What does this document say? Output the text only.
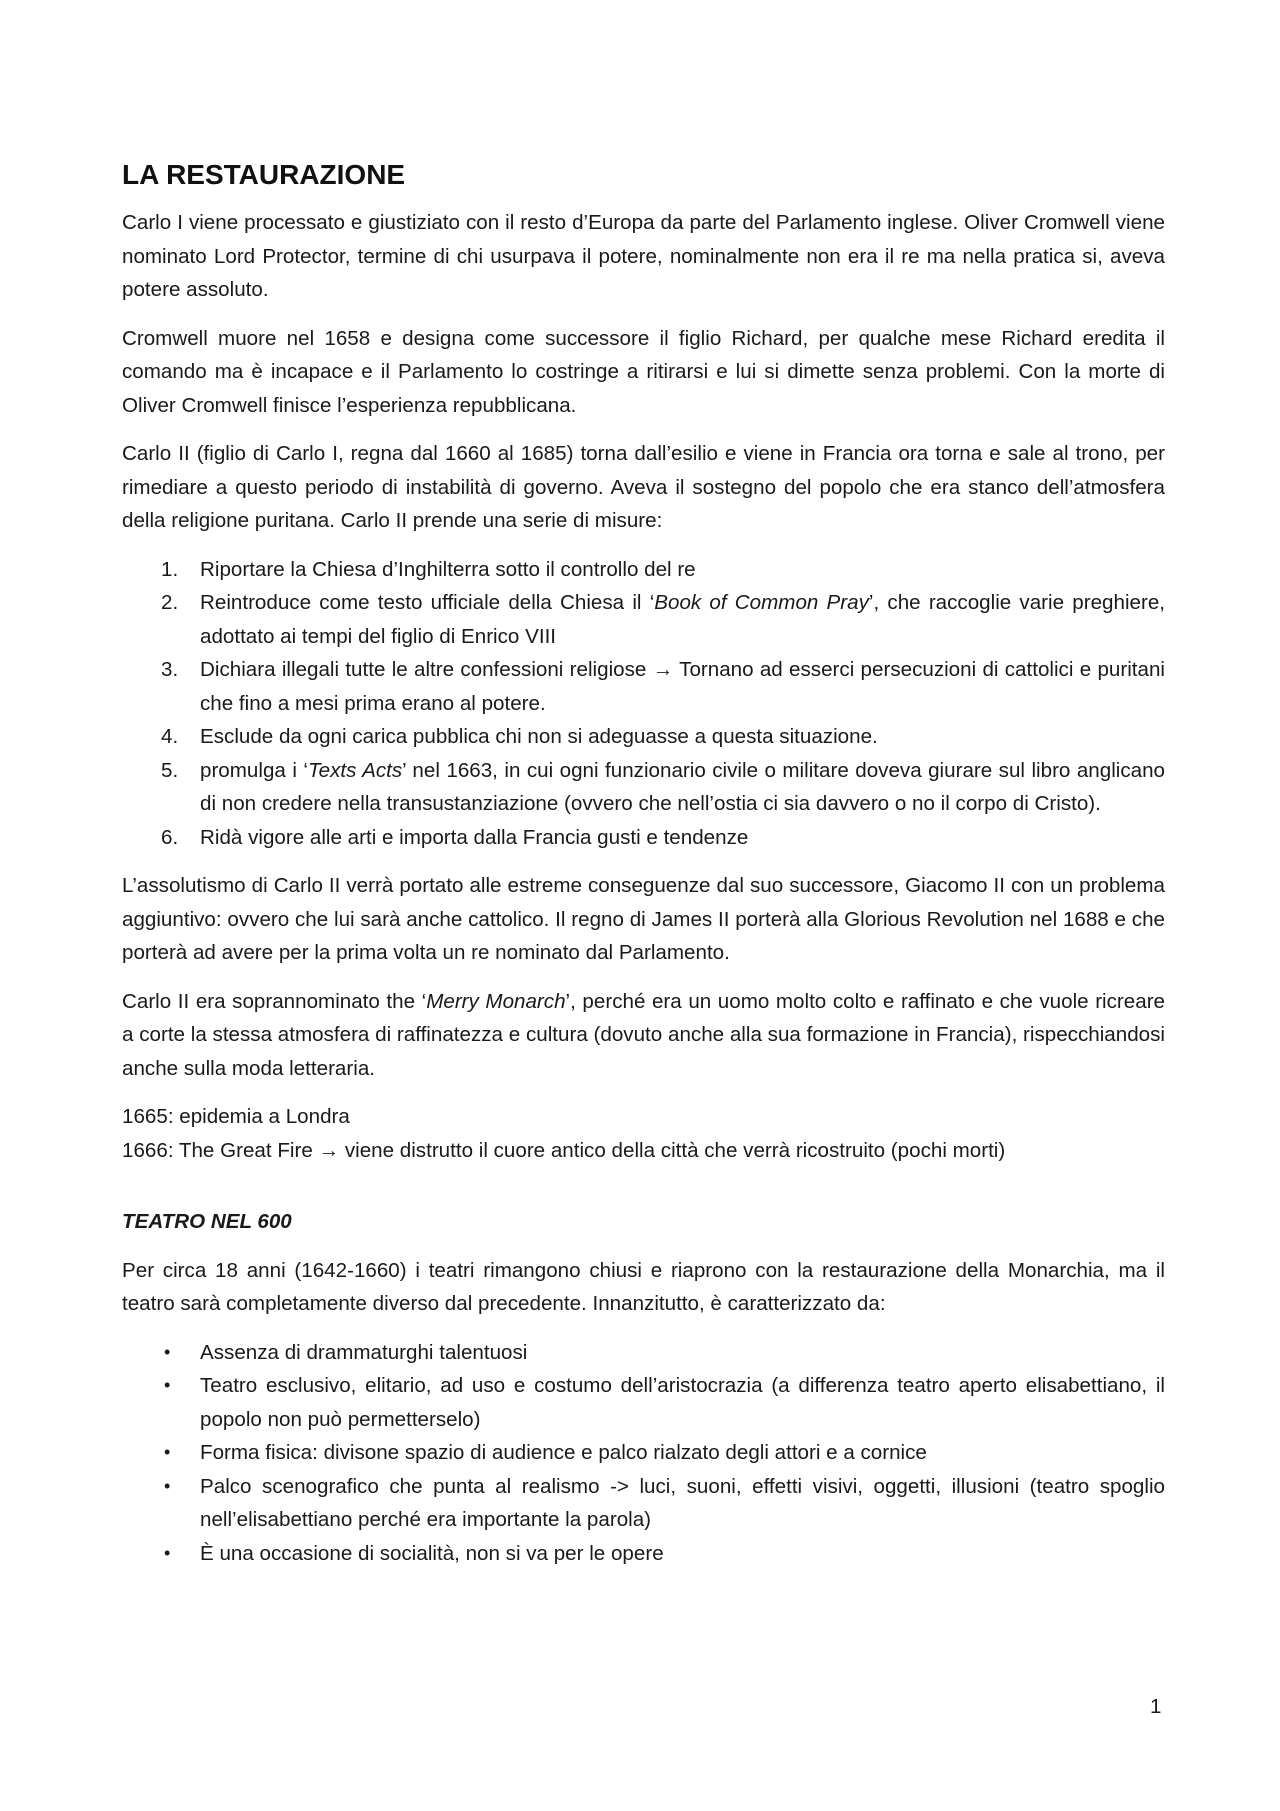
LA RESTAURAZIONE

Carlo I viene processato e giustiziato con il resto d’Europa da parte del Parlamento inglese. Oliver Cromwell viene nominato Lord Protector, termine di chi usurpava il potere, nominalmente non era il re ma nella pratica si, aveva potere assoluto.

Cromwell muore nel 1658 e designa come successore il figlio Richard, per qualche mese Richard eredita il comando ma è incapace e il Parlamento lo costringe a ritirarsi e lui si dimette senza problemi. Con la morte di Oliver Cromwell finisce l’esperienza repubblicana.

Carlo II (figlio di Carlo I, regna dal 1660 al 1685) torna dall’esilio e viene in Francia ora torna e sale al trono, per rimediare a questo periodo di instabilità di governo. Aveva il sostegno del popolo che era stanco dell’atmosfera della religione puritana. Carlo II prende una serie di misure:

1. Riportare la Chiesa d’Inghilterra sotto il controllo del re
2. Reintroduce come testo ufficiale della Chiesa il ‘Book of Common Pray’, che raccoglie varie preghiere, adottato ai tempi del figlio di Enrico VIII
3. Dichiara illegali tutte le altre confessioni religiose → Tornano ad esserci persecuzioni di cattolici e puritani che fino a mesi prima erano al potere.
4. Esclude da ogni carica pubblica chi non si adeguasse a questa situazione.
5. promulga i ‘Texts Acts’ nel 1663, in cui ogni funzionario civile o militare doveva giurare sul libro anglicano di non credere nella transustanziazione (ovvero che nell’ostia ci sia davvero o no il corpo di Cristo).
6. Ridà vigore alle arti e importa dalla Francia gusti e tendenze

L’assolutismo di Carlo II verrà portato alle estreme conseguenze dal suo successore, Giacomo II con un problema aggiuntivo: ovvero che lui sarà anche cattolico. Il regno di James II porterà alla Glorious Revolution nel 1688 e che porterà ad avere per la prima volta un re nominato dal Parlamento.

Carlo II era soprannominato the ‘Merry Monarch’, perché era un uomo molto colto e raffinato e che vuole ricreare a corte la stessa atmosfera di raffinatezza e cultura (dovuto anche alla sua formazione in Francia), rispecchiandosi anche sulla moda letteraria.

1665: epidemia a Londra
1666: The Great Fire → viene distrutto il cuore antico della città che verrà ricostruito (pochi morti)
TEATRO NEL 600

Per circa 18 anni (1642-1660) i teatri rimangono chiusi e riaprono con la restaurazione della Monarchia, ma il teatro sarà completamente diverso dal precedente. Innanzitutto, è caratterizzato da:

• Assenza di drammaturghi talentuosi
• Teatro esclusivo, elitario, ad uso e costumo dell’aristocrazia (a differenza teatro aperto elisabettiano, il popolo non può permetterselo)
• Forma fisica: divisone spazio di audience e palco rialzato degli attori e a cornice
• Palco scenografico che punta al realismo -> luci, suoni, effetti visivi, oggetti, illusioni (teatro spoglio nell’elisabettiano perché era importante la parola)
• È una occasione di socialità, non si va per le opere
1
